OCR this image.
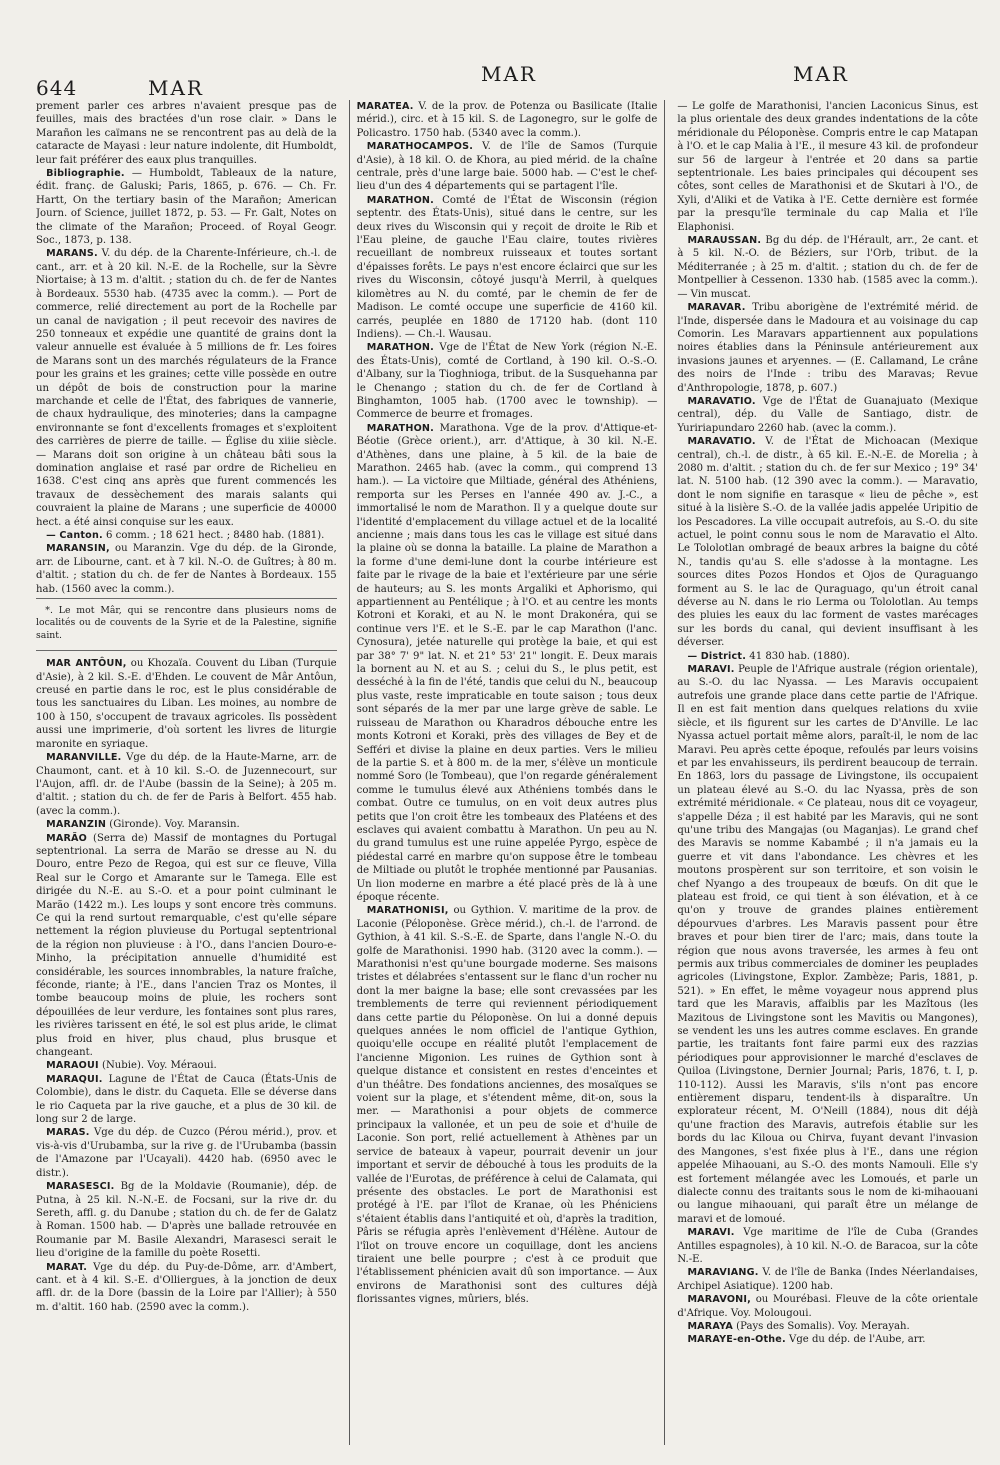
644	MAR
MAR	MAR

prement parler ces arbres n'avaient presque pas de feuilles, mais des bractées d'un rose clair. » Dans le Marañon les caïmans ne se rencontrent pas au delà de la cataracte de Mayasi : leur nature indolente, dit Humboldt, leur fait préférer des eaux plus tranquilles.

Bibliographie. — Humboldt, Tableaux de la nature, édit. franç. de Galuski; Paris, 1865, p. 676. — Ch. Fr. Hartt, On the tertiary basin of the Marañon; American Journ. of Science, juillet 1872, p. 53. — Fr. Galt, Notes on the climate of the Marañon; Proceed. of Royal Geogr. Soc., 1873, p. 138.

MARANS. V. du dép. de la Charente-Inférieure, ch.-l. de cant., arr. et à 20 kil. N.-E. de la Rochelle, sur la Sèvre Niortaise; à 13 m. d'altit. ; station du ch. de fer de Nantes à Bordeaux. 5530 hab. (4735 avec la comm.). — Port de commerce, relié directement au port de la Rochelle par un canal de navigation ; il peut recevoir des navires de 250 tonneaux et expédie une quantité de grains dont la valeur annuelle est évaluée à 5 millions de fr. Les foires de Marans sont un des marchés régulateurs de la France pour les grains et les graines; cette ville possède en outre un dépôt de bois de construction pour la marine marchande et celle de l'État, des fabriques de vannerie, de chaux hydraulique, des minoteries; dans la campagne environnante se font d'excellents fromages et s'exploitent des carrières de pierre de taille. — Église du xiiie siècle. — Marans doit son origine à un château bâti sous la domination anglaise et rasé par ordre de Richelieu en 1638. C'est cinq ans après que furent commencés les travaux de dessèchement des marais salants qui couvraient la plaine de Marans ; une superficie de 40000 hect. a été ainsi conquise sur les eaux.

— Canton. 6 comm. ; 18 621 hect. ; 8480 hab. (1881).

MARANSIN, ou Maranzin. Vge du dép. de la Gironde, arr. de Libourne, cant. et à 7 kil. N.-O. de Guîtres; à 80 m. d'altit. ; station du ch. de fer de Nantes à Bordeaux. 155 hab. (1560 avec la comm.).

*. Le mot Mâr, qui se rencontre dans plusieurs noms de localités ou de couvents de la Syrie et de la Palestine, signifie saint.

MAR ANTÔUN, ou Khozaïa. Couvent du Liban (Turquie d'Asie), à 2 kil. S.-E. d'Ehden. Le couvent de Mâr Antôun, creusé en partie dans le roc, est le plus considérable de tous les sanctuaires du Liban. Les moines, au nombre de 100 à 150, s'occupent de travaux agricoles. Ils possèdent aussi une imprimerie, d'où sortent les livres de liturgie maronite en syriaque.

MARANVILLE. Vge du dép. de la Haute-Marne, arr. de Chaumont, cant. et à 10 kil. S.-O. de Juzennecourt, sur l'Aujon, affl. dr. de l'Aube (bassin de la Seine); à 205 m. d'altit. ; station du ch. de fer de Paris à Belfort. 455 hab. (avec la comm.).

MARANZIN (Gironde). Voy. Maransin.

MARÃO (Serra de) Massif de montagnes du Portugal septentrional. La serra de Marão se dresse au N. du Douro, entre Pezo de Regoa, qui est sur ce fleuve, Villa Real sur le Corgo et Amarante sur le Tamega. Elle est dirigée du N.-E. au S.-O. et a pour point culminant le Marão (1422 m.). Les loups y sont encore très communs. Ce qui la rend surtout remarquable, c'est qu'elle sépare nettement la région pluvieuse du Portugal septentrional de la région non pluvieuse : à l'O., dans l'ancien Douro-e-Minho, la précipitation annuelle d'humidité est considérable, les sources innombrables, la nature fraîche, féconde, riante; à l'E., dans l'ancien Traz os Montes, il tombe beaucoup moins de pluie, les rochers sont dépouillées de leur verdure, les fontaines sont plus rares, les rivières tarissent en été, le sol est plus aride, le climat plus froid en hiver, plus chaud, plus brusque et changeant.

MARAOUI (Nubie). Voy. Méraoui.

MARAQUI. Lagune de l'État de Cauca (États-Unis de Colombie), dans le distr. du Caqueta. Elle se déverse dans le rio Caqueta par la rive gauche, et a plus de 30 kil. de long sur 2 de large.

MARAS. Vge du dép. de Cuzco (Pérou mérid.), prov. et vis-à-vis d'Urubamba, sur la rive g. de l'Urubamba (bassin de l'Amazone par l'Ucayali). 4420 hab. (6950 avec le distr.).

MARASESCI. Bg de la Moldavie (Roumanie), dép. de Putna, à 25 kil. N.-N.-E. de Focsani, sur la rive dr. du Sereth, affl. g. du Danube ; station du ch. de fer de Galatz à Roman. 1500 hab. — D'après une ballade retrouvée en Roumanie par M. Basile Alexandri, Marasesci serait le lieu d'origine de la famille du poète Rosetti.

MARAT. Vge du dép. du Puy-de-Dôme, arr. d'Ambert, cant. et à 4 kil. S.-E. d'Olliergues, à la jonction de deux affl. dr. de la Dore (bassin de la Loire par l'Allier); à 550 m. d'altit. 160 hab. (2590 avec la comm.).

MARATEA. V. de la prov. de Potenza ou Basilicate (Italie mérid.), circ. et à 15 kil. S. de Lagonegro, sur le golfe de Policastro. 1750 hab. (5340 avec la comm.).

MARATHOCAMPOS. V. de l'île de Samos (Turquie d'Asie), à 18 kil. O. de Khora, au pied mérid. de la chaîne centrale, près d'une large baie. 5000 hab. — C'est le chef-lieu d'un des 4 départements qui se partagent l'île.

MARATHON. Comté de l'État de Wisconsin (région septentr. des États-Unis), situé dans le centre, sur les deux rives du Wisconsin qui y reçoit de droite le Rib et l'Eau pleine, de gauche l'Eau claire, toutes rivières recueillant de nombreux ruisseaux et toutes sortant d'épaisses forêts. Le pays n'est encore éclairci que sur les rives du Wisconsin, côtoyé jusqu'à Merril, à quelques kilomètres au N. du comté, par le chemin de fer de Madison. Le comté occupe une superficie de 4160 kil. carrés, peuplée en 1880 de 17120 hab. (dont 110 Indiens). — Ch.-l. Wausau.

MARATHON. Vge de l'État de New York (région N.-E. des États-Unis), comté de Cortland, à 190 kil. O.-S.-O. d'Albany, sur la Tioghnioga, tribut. de la Susquehanna par le Chenango ; station du ch. de fer de Cortland à Binghamton, 1005 hab. (1700 avec le township). — Commerce de beurre et fromages.

MARATHON. Marathona. Vge de la prov. d'Attique-et-Béotie (Grèce orient.), arr. d'Attique, à 30 kil. N.-E. d'Athènes, dans une plaine, à 5 kil. de la baie de Marathon. 2465 hab. (avec la comm., qui comprend 13 ham.). — La victoire que Miltiade, général des Athéniens, remporta sur les Perses en l'année 490 av. J.-C., a immortalisé le nom de Marathon. Il y a quelque doute sur l'identité d'emplacement du village actuel et de la localité ancienne ; mais dans tous les cas le village est situé dans la plaine où se donna la bataille. La plaine de Marathon a la forme d'une demi-lune dont la courbe intérieure est faite par le rivage de la baie et l'extérieure par une série de hauteurs; au S. les monts Argaliki et Aphorismo, qui appartiennent au Pentélique ; à l'O. et au centre les monts Kotroni et Koraki, et au N. le mont Drakonéra, qui se continue vers l'E. et le S.-E. par le cap Marathon (l'anc. Cynosura), jetée naturelle qui protège la baie, et qui est par 38° 7' 9" lat. N. et 21° 53' 21" longit. E. Deux marais la bornent au N. et au S. ; celui du S., le plus petit, est desséché à la fin de l'été, tandis que celui du N., beaucoup plus vaste, reste impraticable en toute saison ; tous deux sont séparés de la mer par une large grève de sable. Le ruisseau de Marathon ou Kharadros débouche entre les monts Kotroni et Koraki, près des villages de Bey et de Sefféri et divise la plaine en deux parties. Vers le milieu de la partie S. et à 800 m. de la mer, s'élève un monticule nommé Soro (le Tombeau), que l'on regarde généralement comme le tumulus élevé aux Athéniens tombés dans le combat. Outre ce tumulus, on en voit deux autres plus petits que l'on croit être les tombeaux des Platéens et des esclaves qui avaient combattu à Marathon. Un peu au N. du grand tumulus est une ruine appelée Pyrgo, espèce de piédestal carré en marbre qu'on suppose être le tombeau de Miltiade ou plutôt le trophée mentionné par Pausanias. Un lion moderne en marbre a été placé près de là à une époque récente.

MARATHONISI, ou Gythion. V. maritime de la prov. de Laconie (Péloponèse. Grèce mérid.), ch.-l. de l'arrond. de Gythion, à 41 kil. S.-S.-E. de Sparte, dans l'angle N.-O. du golfe de Marathonisi. 1990 hab. (3120 avec la comm.). — Marathonisi n'est qu'une bourgade moderne. Ses maisons tristes et délabrées s'entassent sur le flanc d'un rocher nu dont la mer baigne la base; elle sont crevassées par les tremblements de terre qui reviennent périodiquement dans cette partie du Péloponèse. On lui a donné depuis quelques années le nom officiel de l'antique Gythion, quoiqu'elle occupe en réalité plutôt l'emplacement de l'ancienne Migonion. Les ruines de Gythion sont à quelque distance et consistent en restes d'enceintes et d'un théâtre. Des fondations anciennes, des mosaïques se voient sur la plage, et s'étendent même, dit-on, sous la mer. — Marathonisi a pour objets de commerce principaux la vallonée, et un peu de soie et d'huile de Laconie. Son port, relié actuellement à Athènes par un service de bateaux à vapeur, pourrait devenir un jour important et servir de débouché à tous les produits de la vallée de l'Eurotas, de préférence à celui de Calamata, qui présente des obstacles. Le port de Marathonisi est protégé à l'E. par l'îlot de Kranae, où les Phéniciens s'étaient établis dans l'antiquité et où, d'après la tradition, Pâris se réfugia après l'enlèvement d'Hélène. Autour de l'îlot on trouve encore un coquillage, dont les anciens tiraient une belle pourpre ; c'est à ce produit que l'établissement phénicien avait dû son importance. — Aux environs de Marathonisi sont des cultures déjà florissantes vignes, mûriers, blés.

— Le golfe de Marathonisi, l'ancien Laconicus Sinus, est la plus orientale des deux grandes indentations de la côte méridionale du Péloponèse. Compris entre le cap Matapan à l'O. et le cap Malia à l'E., il mesure 43 kil. de profondeur sur 56 de largeur à l'entrée et 20 dans sa partie septentrionale. Les baies principales qui découpent ses côtes, sont celles de Marathonisi et de Skutari à l'O., de Xyli, d'Aliki et de Vatika à l'E. Cette dernière est formée par la presqu'île terminale du cap Malia et l'île Elaphonisi.

MARAUSSAN. Bg du dép. de l'Hérault, arr., 2e cant. et à 5 kil. N.-O. de Béziers, sur l'Orb, tribut. de la Méditerranée ; à 25 m. d'altit. ; station du ch. de fer de Montpellier à Cessenon. 1330 hab. (1585 avec la comm.). — Vin muscat.

MARAVAR. Tribu aborigène de l'extrémité mérid. de l'Inde, dispersée dans le Madoura et au voisinage du cap Comorin. Les Maravars appartiennent aux populations noires établies dans la Péninsule antérieurement aux invasions jaunes et aryennes. — (E. Callamand, Le crâne des noirs de l'Inde : tribu des Maravas; Revue d'Anthropologie, 1878, p. 607.)

MARAVATIO. Vge de l'État de Guanajuato (Mexique central), dép. du Valle de Santiago, distr. de Yuririapundaro 2260 hab. (avec la comm.).

MARAVATIO. V. de l'État de Michoacan (Mexique central), ch.-l. de distr., à 65 kil. E.-N.-E. de Morelia ; à 2080 m. d'altit. ; station du ch. de fer sur Mexico ; 19° 34' lat. N. 5100 hab. (12 390 avec la comm.). — Maravatio, dont le nom signifie en tarasque « lieu de pêche », est situé à la lisière S.-O. de la vallée jadis appelée Uripitio de los Pescadores. La ville occupait autrefois, au S.-O. du site actuel, le point connu sous le nom de Maravatio el Alto. Le Tololotlan ombragé de beaux arbres la baigne du côté N., tandis qu'au S. elle s'adosse à la montagne. Les sources dites Pozos Hondos et Ojos de Quraguango forment au S. le lac de Quraguago, qu'un étroit canal déverse au N. dans le rio Lerma ou Tololotlan. Au temps des pluies les eaux du lac forment de vastes marécages sur les bords du canal, qui devient insuffisant à les déverser.

— District. 41 830 hab. (1880).

MARAVI. Peuple de l'Afrique australe (région orientale), au S.-O. du lac Nyassa. — Les Maravis occupaient autrefois une grande place dans cette partie de l'Afrique. Il en est fait mention dans quelques relations du xviie siècle, et ils figurent sur les cartes de D'Anville. Le lac Nyassa actuel portait même alors, paraît-il, le nom de lac Maravi. Peu après cette époque, refoulés par leurs voisins et par les envahisseurs, ils perdirent beaucoup de terrain. En 1863, lors du passage de Livingstone, ils occupaient un plateau élevé au S.-O. du lac Nyassa, près de son extrémité méridionale. « Ce plateau, nous dit ce voyageur, s'appelle Déza ; il est habité par les Maravis, qui ne sont qu'une tribu des Mangajas (ou Maganjas). Le grand chef des Maravis se nomme Kabambé ; il n'a jamais eu la guerre et vit dans l'abondance. Les chèvres et les moutons prospèrent sur son territoire, et son voisin le chef Nyango a des troupeaux de bœufs. On dit que le plateau est froid, ce qui tient à son élévation, et à ce qu'on y trouve de grandes plaines entièrement dépourvues d'arbres. Les Maravis passent pour être braves et pour bien tirer de l'arc; mais, dans toute la région que nous avons traversée, les armes à feu ont permis aux tribus commerciales de dominer les peuplades agricoles (Livingstone, Explor. Zambèze; Paris, 1881, p. 521). » En effet, le même voyageur nous apprend plus tard que les Maravis, affaiblis par les Mazîtous (les Mazitous de Livingstone sont les Mavitis ou Mangones), se vendent les uns les autres comme esclaves. En grande partie, les traitants font faire parmi eux des razzias périodiques pour approvisionner le marché d'esclaves de Quiloa (Livingstone, Dernier Journal; Paris, 1876, t. I, p. 110-112). Aussi les Maravis, s'ils n'ont pas encore entièrement disparu, tendent-ils à disparaître. Un explorateur récent, M. O'Neill (1884), nous dit déjà qu'une fraction des Maravis, autrefois établie sur les bords du lac Kiloua ou Chirva, fuyant devant l'invasion des Mangones, s'est fixée plus à l'E., dans une région appelée Mihaouani, au S.-O. des monts Namouli. Elle s'y est fortement mélangée avec les Lomoués, et parle un dialecte connu des traitants sous le nom de ki-mihaouani ou langue mihaouani, qui paraît être un mélange de maravi et de lomoué.

MARAVI. Vge maritime de l'île de Cuba (Grandes Antilles espagnoles), à 10 kil. N.-O. de Baracoa, sur la côte N.-E.

MARAVIANG. V. de l'île de Banka (Indes Néerlandaises, Archipel Asiatique). 1200 hab.

MARAVONI, ou Mourébasi. Fleuve de la côte orientale d'Afrique. Voy. Molougoui.

MARAYA (Pays des Somalis). Voy. Merayah.

MARAYE-en-Othe. Vge du dép. de l'Aube, arr.
